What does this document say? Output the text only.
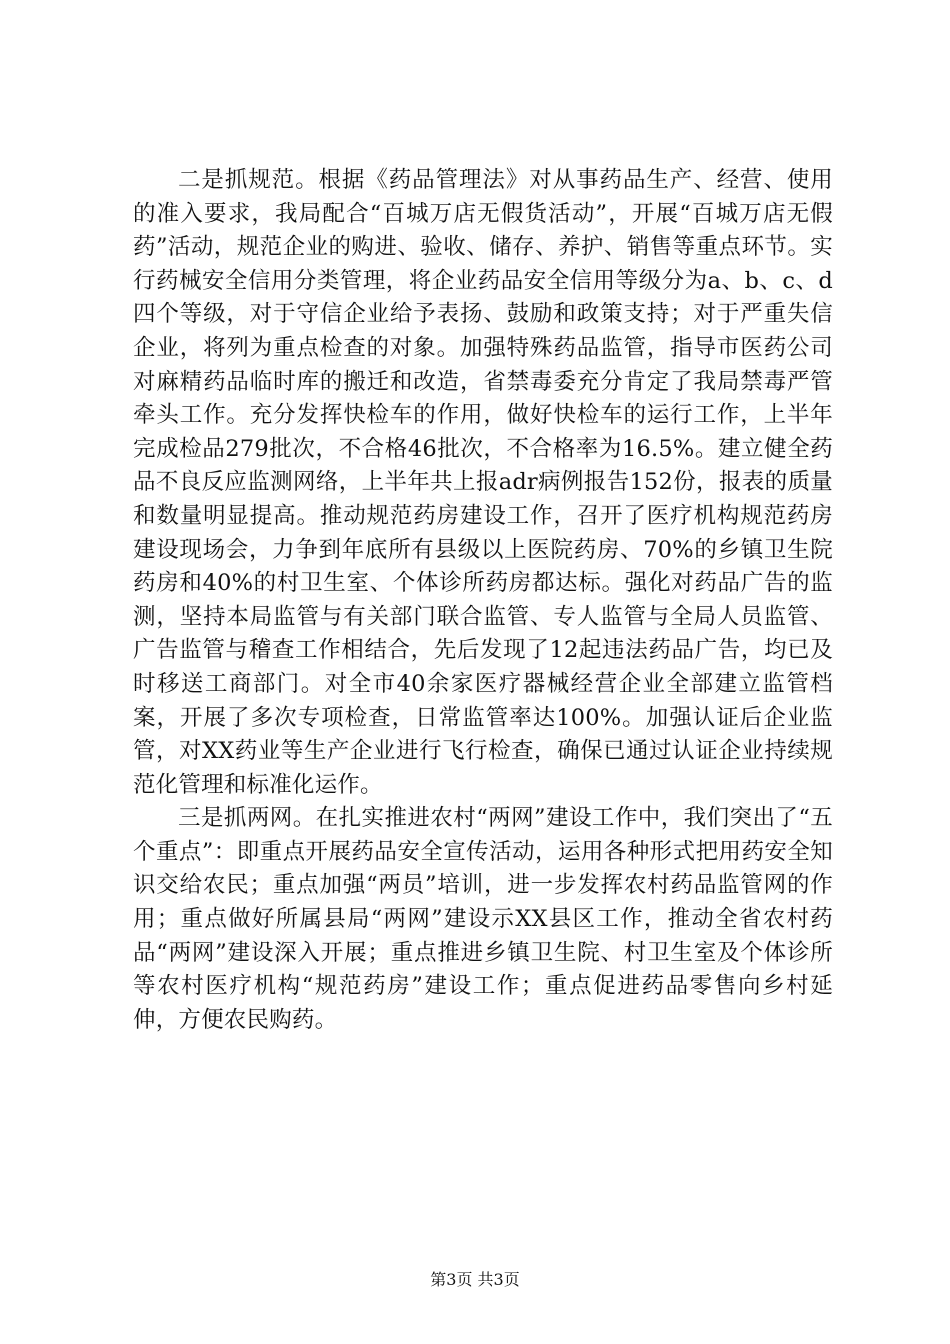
二是抓规范。根据《药品管理法》对从事药品生产、经营、使用的准入要求，我局配合“百城万店无假货活动”，开展“百城万店无假药”活动，规范企业的购进、验收、储存、养护、销售等重点环节。实行药械安全信用分类管理，将企业药品安全信用等级分为a、b、c、d四个等级，对于守信企业给予表扬、鼓励和政策支持；对于严重失信企业，将列为重点检查的对象。加强特殊药品监管，指导市医药公司对麻精药品临时库的搬迁和改造，省禁毒委充分肯定了我局禁毒严管牵头工作。充分发挥快检车的作用，做好快检车的运行工作，上半年完成检品279批次，不合格46批次，不合格率为16.5%。建立健全药品不良反应监测网络，上半年共上报adr病例报告152份，报表的质量和数量明显提高。推动规范药房建设工作，召开了医疗机构规范药房建设现场会，力争到年底所有县级以上医院药房、70%的乡镇卫生院药房和40%的村卫生室、个体诊所药房都达标。强化对药品广告的监测，坚持本局监管与有关部门联合监管、专人监管与全局人员监管、广告监管与稽查工作相结合，先后发现了12起违法药品广告，均已及时移送工商部门。对全市40余家医疗器械经营企业全部建立监管档案，开展了多次专项检查，日常监管率达100%。加强认证后企业监管，对XX药业等生产企业进行飞行检查，确保已通过认证企业持续规范化管理和标准化运作。

三是抓两网。在扎实推进农村“两网”建设工作中，我们突出了“五个重点”：即重点开展药品安全宣传活动，运用各种形式把用药安全知识交给农民；重点加强“两员”培训，进一步发挥农村药品监管网的作用；重点做好所属县局“两网”建设示XX县区工作，推动全省农村药品“两网”建设深入开展；重点推进乡镇卫生院、村卫生室及个体诊所等农村医疗机构“规范药房”建设工作；重点促进药品零售向乡村延伸，方便农民购药。

第3页 共3页
